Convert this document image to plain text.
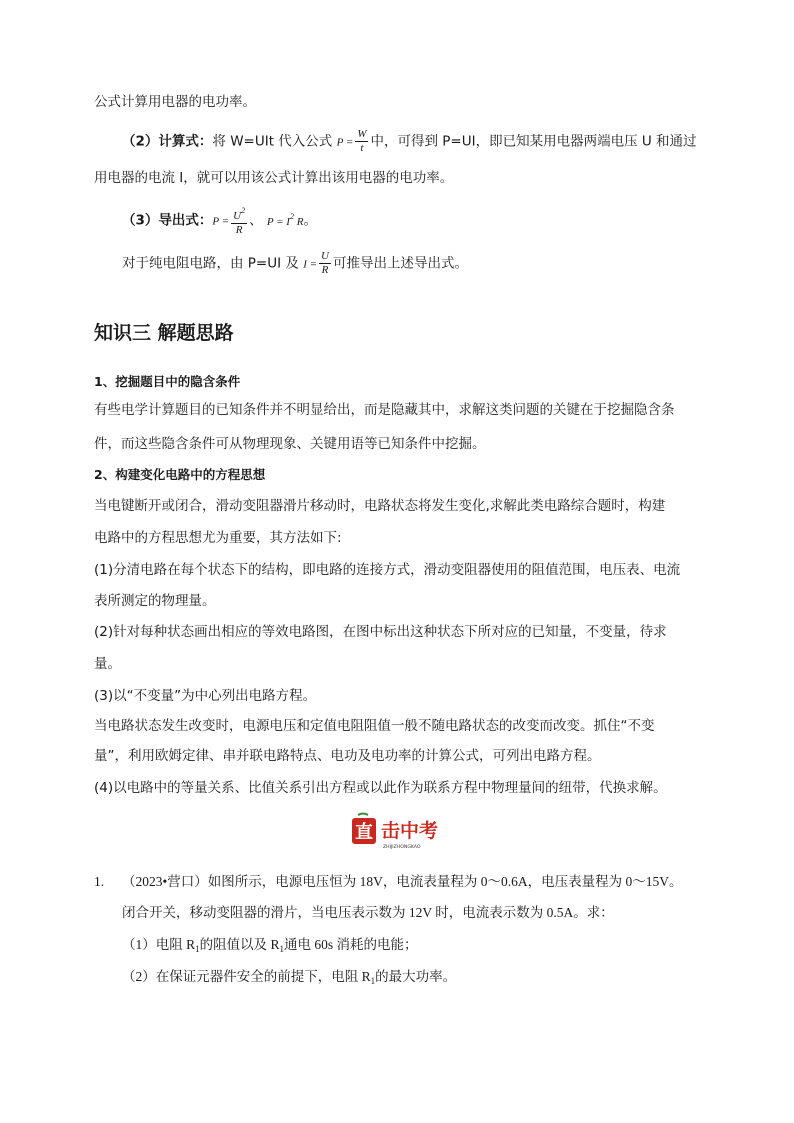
公式计算用电器的电功率。
（2）计算式：将 W=UIt 代入公式 $P = \frac{W}{t}$ 中，可得到 P=UI，即已知某用电器两端电压 U 和通过
用电器的电流 I，就可以用该公式计算出该用电器的电功率。
（3）导出式：$P = \frac{U^2}{R}$ 、 $P = I^2$ R。
对于纯电阻电路，由 P=UI 及 $I = \frac{U}{R}$ 可推导出上述导出式。
知识三 解题思路
1、挖掘题目中的隐含条件
有些电学计算题目的已知条件并不明显给出，而是隐藏其中，求解这类问题的关键在于挖掘隐含条
件，而这些隐含条件可从物理现象、关键用语等已知条件中挖掘。
2、构建变化电路中的方程思想
当电键断开或闭合，滑动变阻器滑片移动时，电路状态将发生变化,求解此类电路综合题时，构建
电路中的方程思想尤为重要，其方法如下:
(1)分清电路在每个状态下的结构，即电路的连接方式，滑动变阻器使用的阻值范围，电压表、电流
表所测定的物理量。
(2)针对每种状态画出相应的等效电路图，在图中标出这种状态下所对应的已知量，不变量，待求
量。
(3)以“不变量”为中心列出电路方程。
当电路状态发生改变时，电源电压和定值电阻阻值一般不随电路状态的改变而改变。抓住“不变
量”，利用欧姆定律、串并联电路特点、电功及电功率的计算公式，可列出电路方程。
(4)以电路中的等量关系、比值关系引出方程或以此作为联系方程中物理量间的纽带，代换求解。
直 击中考
ZHIJIZHONGKAO
1. （2023•营口）如图所示，电源电压恒为 18V，电流表量程为 0～0.6A，电压表量程为 0～15V。
闭合开关，移动变阻器的滑片，当电压表示数为 12V 时，电流表示数为 0.5A。求：
（1）电阻 $R_1$的阻值以及 $R_1$通电 60s 消耗的电能；
（2）在保证元器件安全的前提下，电阻 $R_1$的最大功率。
